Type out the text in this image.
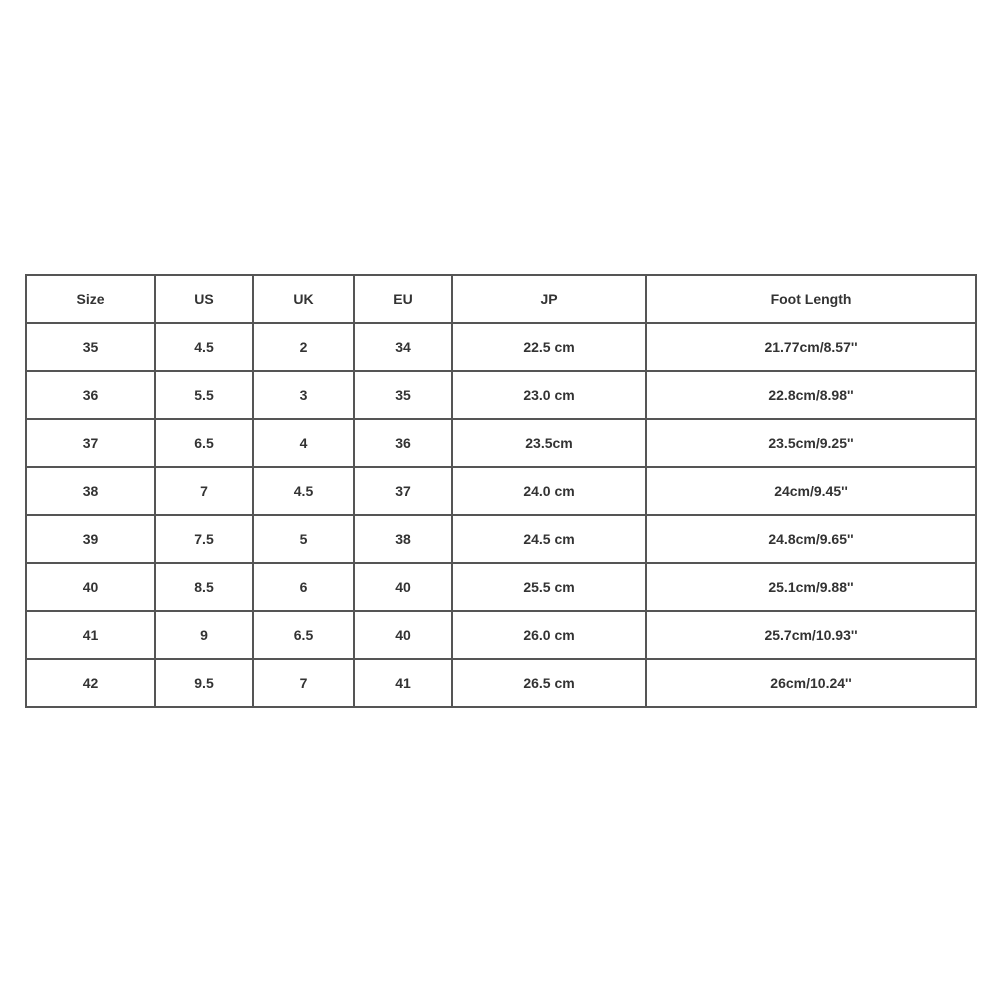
Size	US	UK	EU	JP	Foot Length
35	4.5	2	34	22.5 cm	21.77cm/8.57''
36	5.5	3	35	23.0 cm	22.8cm/8.98''
37	6.5	4	36	23.5cm	23.5cm/9.25''
38	7	4.5	37	24.0 cm	24cm/9.45''
39	7.5	5	38	24.5 cm	24.8cm/9.65''
40	8.5	6	40	25.5 cm	25.1cm/9.88''
41	9	6.5	40	26.0 cm	25.7cm/10.93''
42	9.5	7	41	26.5 cm	26cm/10.24''
